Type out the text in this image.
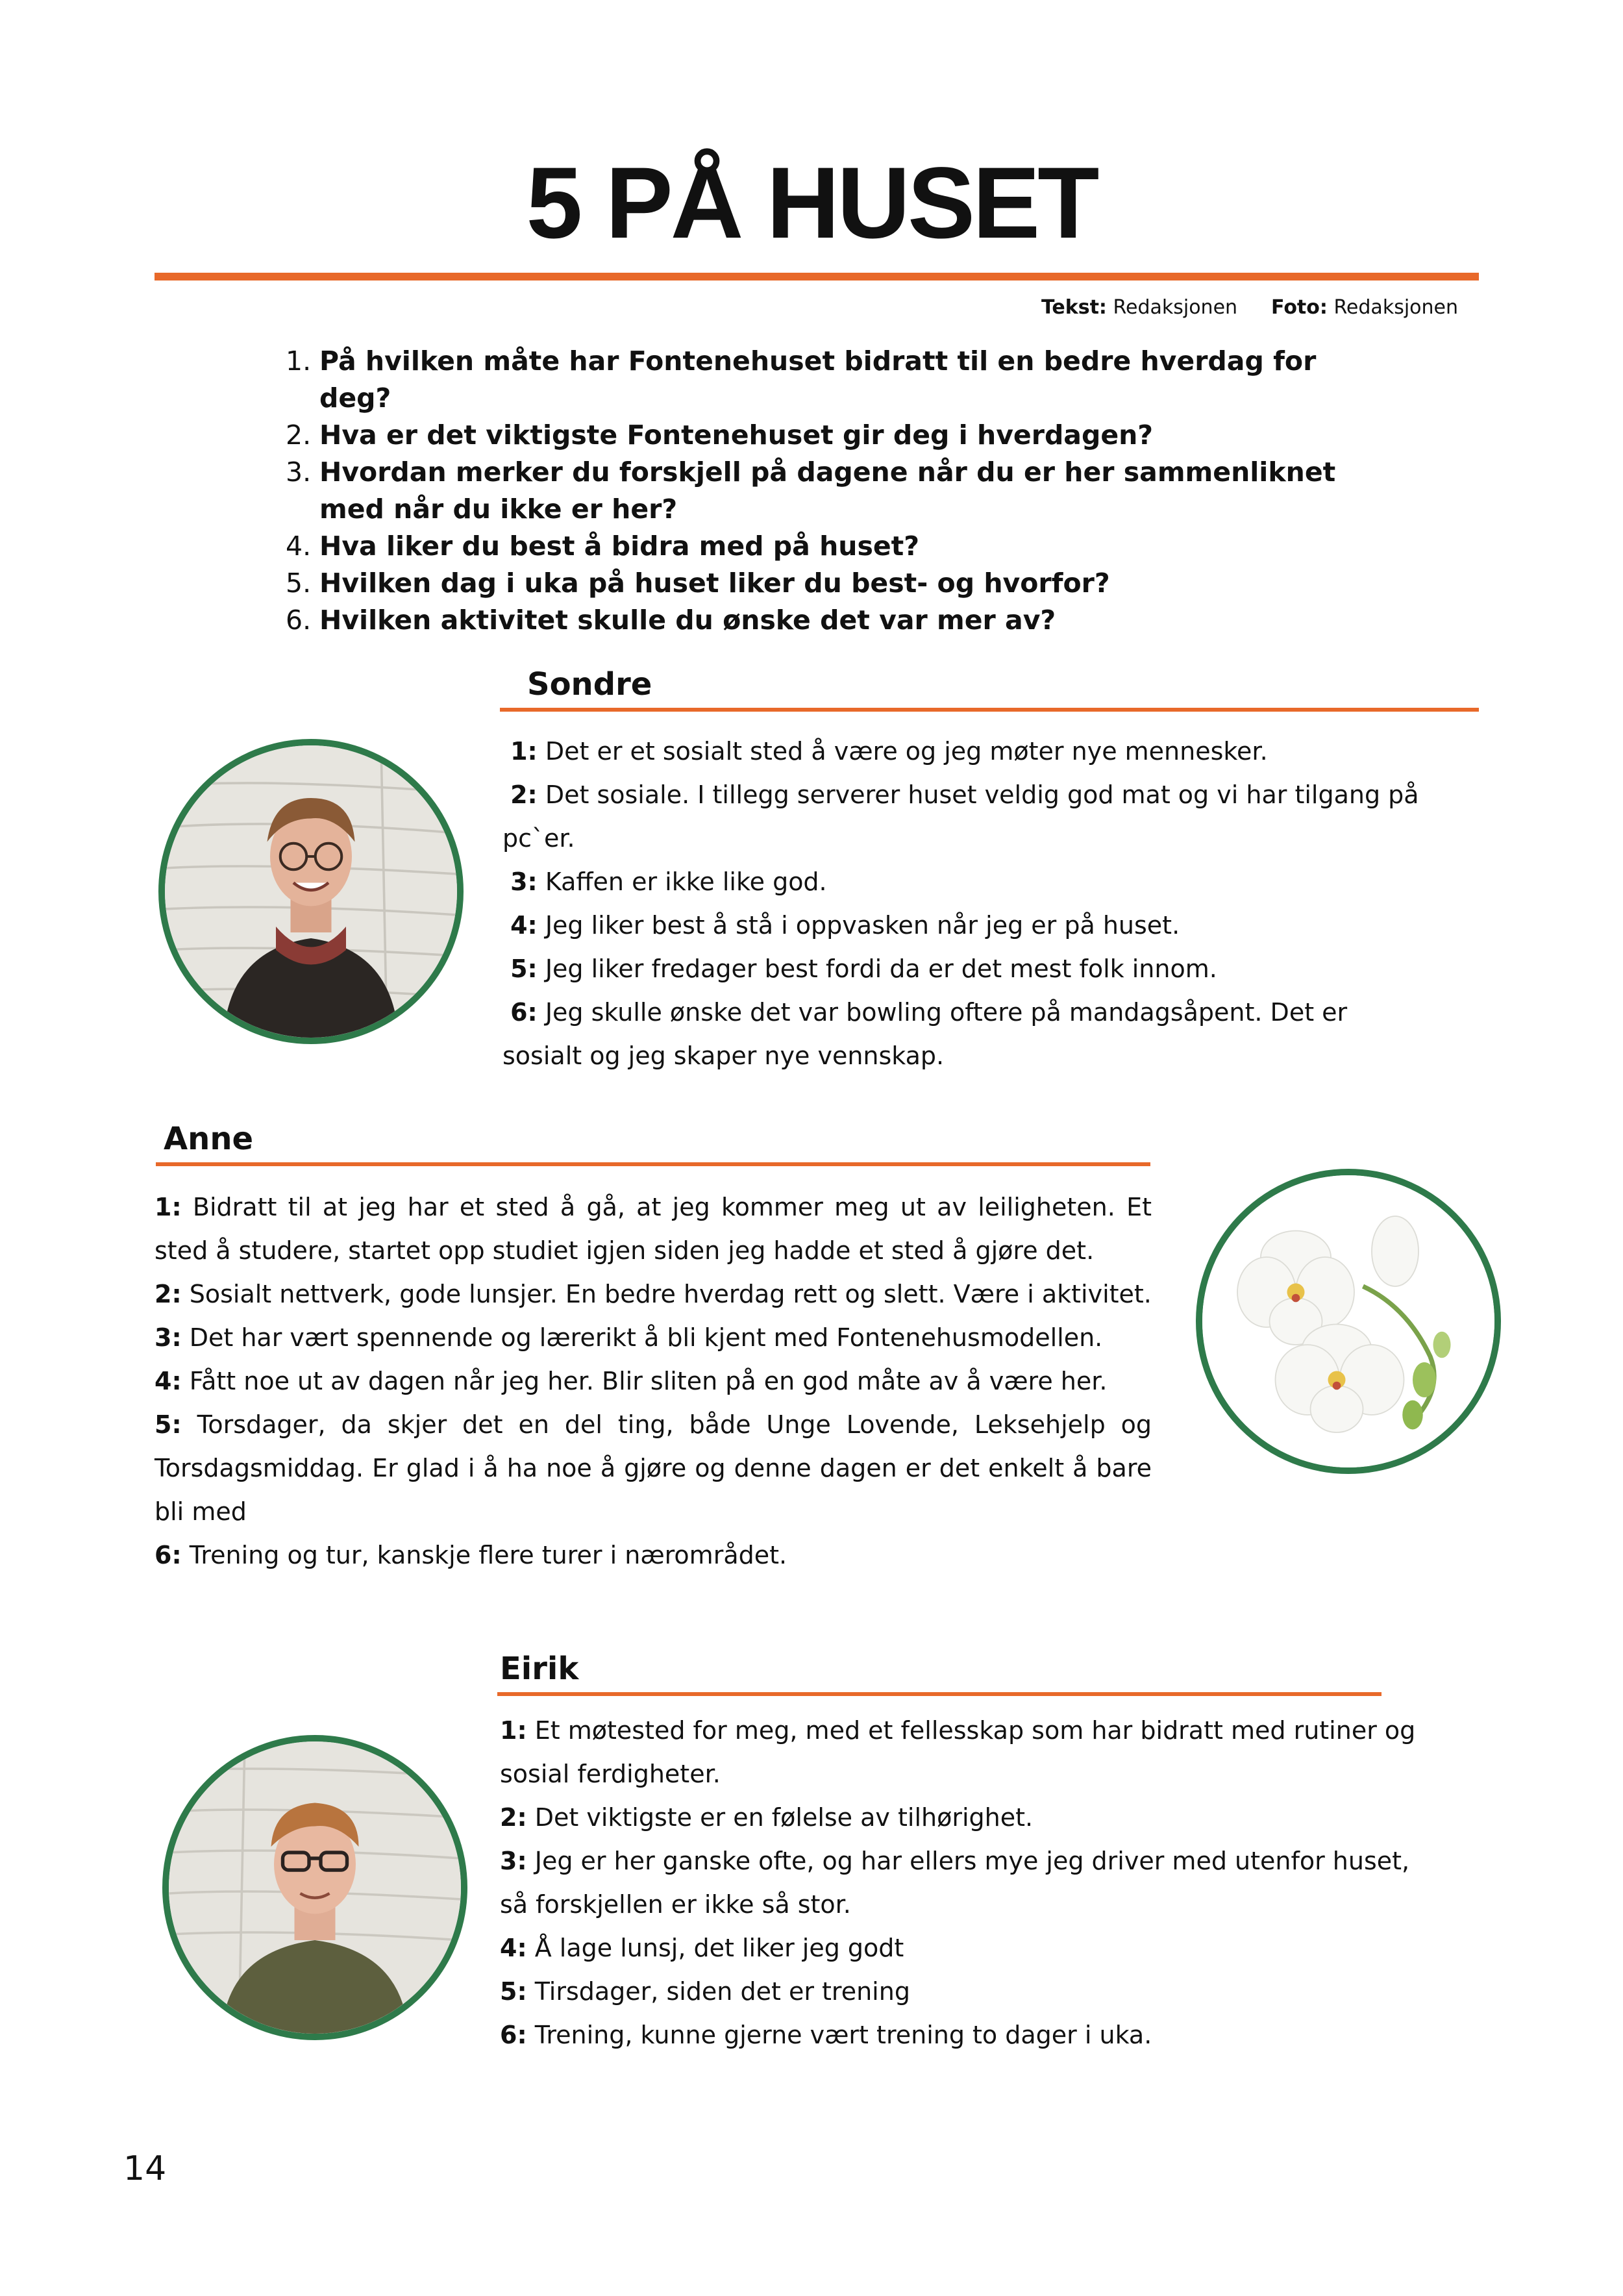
5 PÅ HUSET
Tekst: Redaksjonen Foto: Redaksjonen
1. På hvilken måte har Fontenehuset bidratt til en bedre hverdag for deg?
2. Hva er det viktigste Fontenehuset gir deg i hverdagen?
3. Hvordan merker du forskjell på dagene når du er her sammenliknet med når du ikke er her?
4. Hva liker du best å bidra med på huset?
5. Hvilken dag i uka på huset liker du best- og hvorfor?
6. Hvilken aktivitet skulle du ønske det var mer av?
Sondre

1: Det er et sosialt sted å være og jeg møter nye mennesker.

2: Det sosiale. I tillegg serverer huset veldig god mat og vi har tilgang på pc`er.

3: Kaffen er ikke like god.

4: Jeg liker best å stå i oppvasken når jeg er på huset.

5: Jeg liker fredager best fordi da er det mest folk innom.

6: Jeg skulle ønske det var bowling oftere på mandagsåpent. Det er sosialt og jeg skaper nye vennskap.

Anne

1: Bidratt til at jeg har et sted å gå, at jeg kommer meg ut av leiligheten. Et sted å studere, startet opp studiet igjen siden jeg hadde et sted å gjøre det.

2: Sosialt nettverk, gode lunsjer. En bedre hverdag rett og slett. Være i aktivitet.

3: Det har vært spennende og lærerikt å bli kjent med Fontenehusmodellen.

4: Fått noe ut av dagen når jeg her. Blir sliten på en god måte av å være her.

5: Torsdager, da skjer det en del ting, både Unge Lovende, Leksehjelp og Torsdagsmiddag. Er glad i å ha noe å gjøre og denne dagen er det enkelt å bare bli med

6: Trening og tur, kanskje flere turer i nærområdet.

Eirik

1: Et møtested for meg, med et fellesskap som har bidratt med rutiner og sosial ferdigheter.

2: Det viktigste er en følelse av tilhørighet.

3: Jeg er her ganske ofte, og har ellers mye jeg driver med utenfor huset, så forskjellen er ikke så stor.

4: Å lage lunsj, det liker jeg godt

5: Tirsdager, siden det er trening

6: Trening, kunne gjerne vært trening to dager i uka.

14
